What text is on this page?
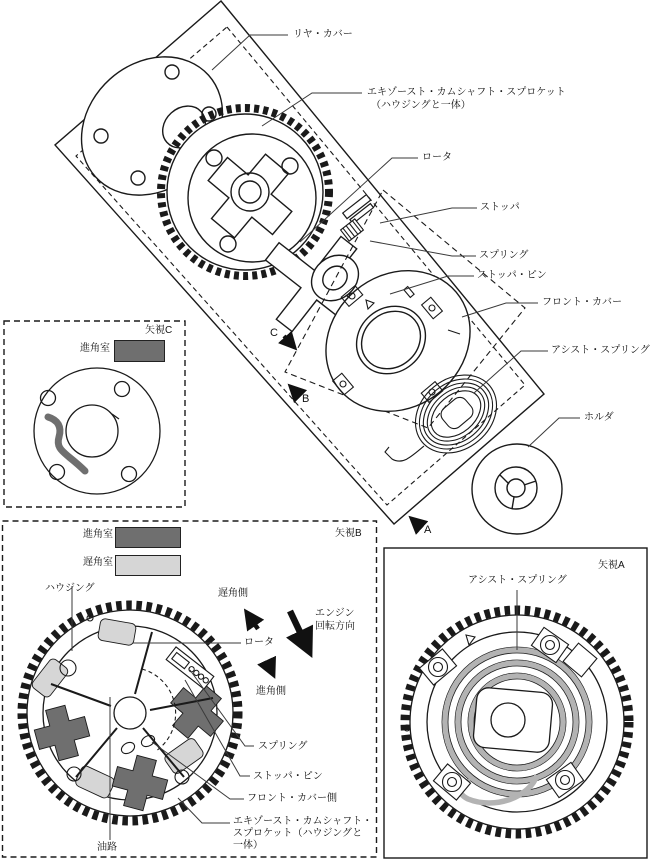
リヤ・カバー
エキゾースト・カムシャフト・スプロケット
（ハウジングと一体）
ロータ
ストッパ
スプリング
ストッパ・ピン
フロント・カバー
アシスト・スプリング
ホルダ
C
B
A
矢視C
進角室
矢視B
進角室
遅角室
ハウジング	遅角側
エンジン
回転方向
ロータ
進角側
スプリング
ストッパ・ピン
フロント・カバー側
エキゾースト・カムシャフト・
スプロケット（ハウジングと
一体）
油路
矢視A
アシスト・スプリング
